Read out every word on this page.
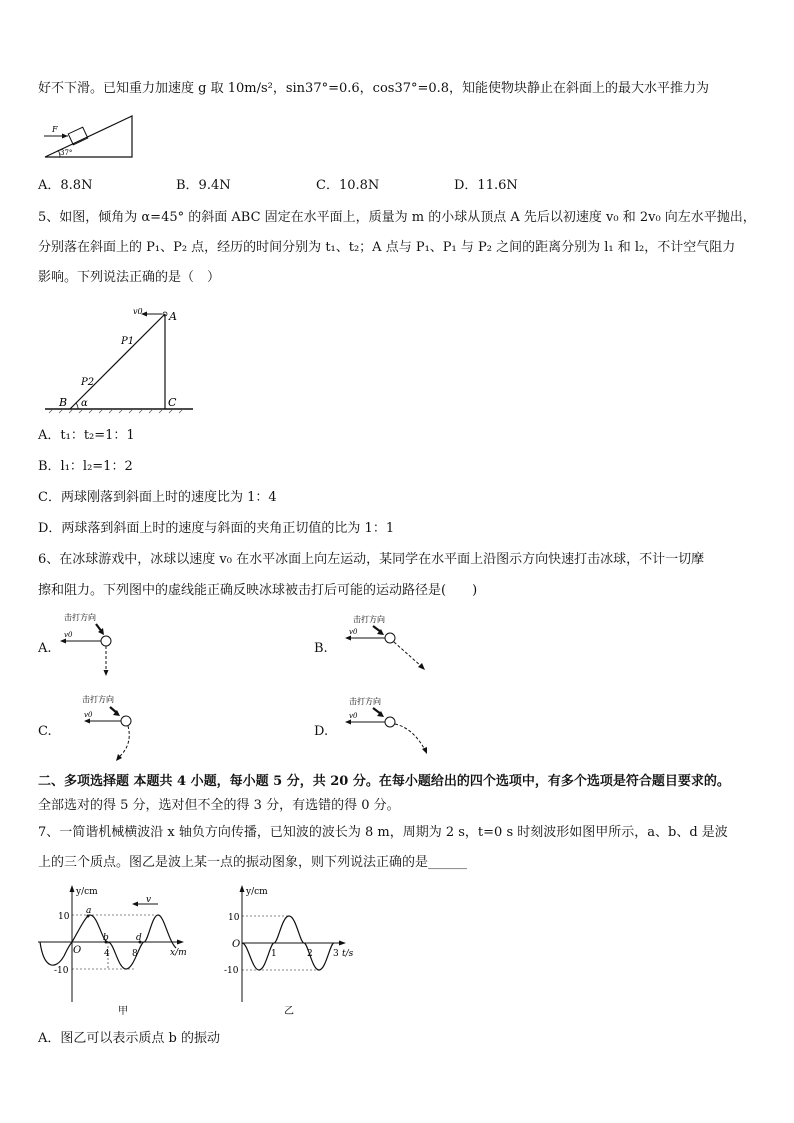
好不下滑。已知重力加速度 g 取 10m/s²，sin37°=0.6，cos37°=0.8，知能使物块静止在斜面上的最大水平推力为
F
37°
A．8.8N	B．9.4N	C．10.8N	D．11.6N
5、如图，倾角为 α=45° 的斜面 ABC 固定在水平面上，质量为 m 的小球从顶点 A 先后以初速度 v₀ 和 2v₀ 向左水平抛出，
分别落在斜面上的 P₁、P₂ 点，经历的时间分别为 t₁、t₂；A 点与 P₁、P₁ 与 P₂ 之间的距离分别为 l₁ 和 l₂，不计空气阻力
影响。下列说法正确的是（　）
v0 A
P1
P2
B	C
α
A．t₁：t₂=1：1
B．l₁：l₂=1：2
C．两球刚落到斜面上时的速度比为 1：4
D．两球落到斜面上时的速度与斜面的夹角正切值的比为 1：1
6、在冰球游戏中，冰球以速度 v₀ 在水平冰面上向左运动，某同学在水平面上沿图示方向快速打击冰球，不计一切摩
擦和阻力。下列图中的虚线能正确反映冰球被击打后可能的运动路径是(　　)
A.
击打方向
v0
B.
击打方向
v0
C.
击打方向
v0
D.
击打方向
v0
二、多项选择题 本题共 4 小题，每小题 5 分，共 20 分。在每小题给出的四个选项中，有多个选项是符合题目要求的。
全部选对的得 5 分，选对但不全的得 3 分，有选错的得 0 分。
7、一简谐机械横波沿 x 轴负方向传播，已知波的波长为 8 m，周期为 2 s，t=0 s 时刻波形如图甲所示，a、b、d 是波
上的三个质点。图乙是波上某一点的振动图象，则下列说法正确的是______
y/cm
x/m
O
10
-10
4 8
a
b	d
v
甲
y/cm
t/s
O
10
-10
1	2 3
乙
A．图乙可以表示质点 b 的振动
